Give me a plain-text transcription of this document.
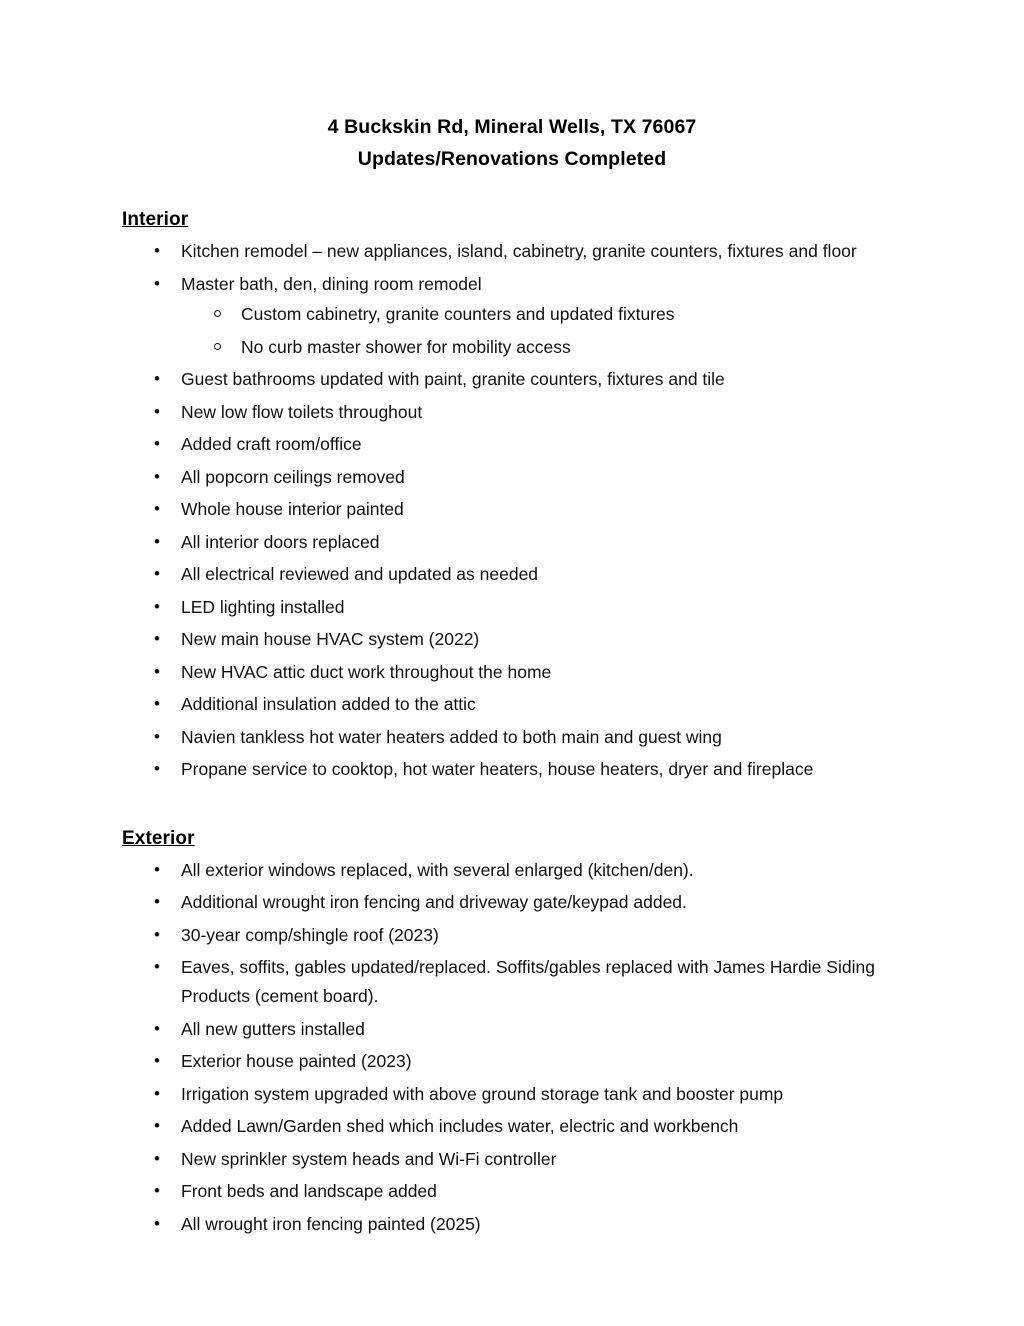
4 Buckskin Rd, Mineral Wells, TX 76067
Updates/Renovations Completed
Interior
• Kitchen remodel – new appliances, island, cabinetry, granite counters, fixtures and floor
• Master bath, den, dining room remodel
Custom cabinetry, granite counters and updated fixtures
No curb master shower for mobility access
• Guest bathrooms updated with paint, granite counters, fixtures and tile
• New low flow toilets throughout
• Added craft room/office
• All popcorn ceilings removed
• Whole house interior painted
• All interior doors replaced
• All electrical reviewed and updated as needed
• LED lighting installed
• New main house HVAC system (2022)
• New HVAC attic duct work throughout the home
• Additional insulation added to the attic
• Navien tankless hot water heaters added to both main and guest wing
• Propane service to cooktop, hot water heaters, house heaters, dryer and fireplace
Exterior
• All exterior windows replaced, with several enlarged (kitchen/den).
• Additional wrought iron fencing and driveway gate/keypad added.
• 30-year comp/shingle roof (2023)
• Eaves, soffits, gables updated/replaced. Soffits/gables replaced with James Hardie Siding Products (cement board).
• All new gutters installed
• Exterior house painted (2023)
• Irrigation system upgraded with above ground storage tank and booster pump
• Added Lawn/Garden shed which includes water, electric and workbench
• New sprinkler system heads and Wi-Fi controller
• Front beds and landscape added
• All wrought iron fencing painted (2025)
